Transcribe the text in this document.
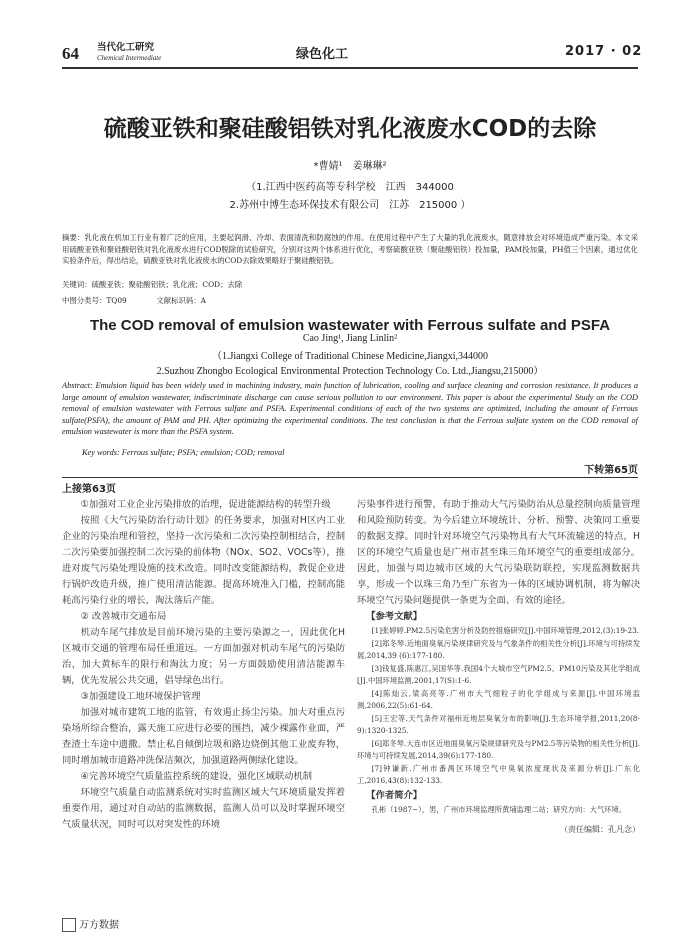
64 当代化工研究
Chemical Intermediate	绿色化工	2017 · 02
硫酸亚铁和聚硅酸铝铁对乳化液废水COD的去除
*曹婧¹　姜琳琳²
（1.江西中医药高等专科学校　江西　344000
2.苏州中博生态环保技术有限公司　江苏　215000 ）
摘要：乳化液在机加工行业有着广泛的应用，主要起润滑、冷却、表面清洗和防腐蚀的作用。在使用过程中产生了大量的乳化液废水，随意排放会对环境造成严重污染。本文采用硫酸亚铁和聚硅酸铝铁对乳化液废水进行COD脱除的试验研究，分别对这两个体系进行优化，考察硫酸亚铁（聚硅酸铝铁）投加量，PAM投加量，PH值三个因素，通过优化实验条件后，得出结论，硫酸亚铁对乳化液废水的COD去除效果略好于聚硅酸铝铁。
关键词：硫酸亚铁；聚硅酸铝铁；乳化液；COD；去除
中图分类号：TQ09　　　　文献标识码：A
The COD removal of emulsion wastewater with Ferrous sulfate and PSFA
Cao Jing¹, Jiang Linlin²
（1.Jiangxi College of Traditional Chinese Medicine,Jiangxi,344000
2.Suzhou Zhongbo Ecological Environmental Protection Technology Co. Ltd.,Jiangsu,215000）
Abstract: Emulsion liquid has been widely used in machining industry, main function of lubrication, cooling and surface cleaning and corrosion resistance. It produces a large amount of emulsion wastewater, indiscriminate discharge can cause serious pollution to our environment. This paper is about the experimental Study on the COD removal of emulsion wastewater with Ferrous sulfate and PSFA. Experimental conditions of each of the two systems are optimized, including the amount of Ferrous sulfate(PSFA), the amount of PAM and PH. After optimizing the experimental conditions. The test conclusion is that the Ferrous sulfate system on the COD removal of emulsion wastewater is more than the PSFA system.
Key words: Ferrous sulfate; PSFA; emulsion; COD; removal
下转第65页
上接第63页

①加强对工业企业污染排放的治理，促进能源结构的转型升级

按照《大气污染防治行动计划》的任务要求，加强对H区内工业企业的污染治理和管控，坚持一次污染和二次污染控制相结合，控制二次污染要加强控制二次污染的前体物（NOx、SO2、VOCs等），推进对废气污染处理设施的技术改造。同时改变能源结构，教促企业进行锅炉改造升级，推广使用清洁能源。提高环境准入门槛，控制高能耗高污染行业的增长，淘汰落后产能。

② 改善城市交通布局

机动车尾气排放是目前环境污染的主要污染源之一，因此优化H区城市交通的管理布局任重道远。一方面加强对机动车尾气的污染防治，加大黄标车的限行和淘汰力度；另一方面鼓励使用清洁能源车辆，优先发展公共交通，倡导绿色出行。

③加强建设工地环境保护管理

加强对城市建筑工地的监管，有效遏止扬尘污染。加大对重点污染场所综合整治，露天施工应进行必要的围挡，减少裸露作业面，严查渣土车途中遗撒。禁止私自倾倒垃圾和路边烧倒其他工业废弃物，同时增加城市道路冲洗保洁频次，加强道路两侧绿化建设。

④完善环境空气质量监控系统的建设，强化区域联动机制

环境空气质量自动监测系统对实时监测区域大气环境质量发挥着重要作用，通过对自动站的监测数据，监测人员可以及时掌握环境空气质量状况，同时可以对突发性的环境

污染事件进行预警，有助于推动大气污染防治从总量控制向质量管理和风险预防转变。为今后建立环境统计、分析、预警、决策同工重要的数据支撑。同时针对环境空气污染物具有大气环流输送的特点，H区的环境空气质量也是广州市甚至珠三角环境空气的重要组成部分。因此，加强与周边城市区域的大气污染联防联控，实现监测数据共享，形成一个以珠三角乃至广东省为一体的区域协调机制，将为解决环境空气污染问题提供一条更为全面、有效的途径。

【参考文献】

[1]张婷婷.PM2.5污染危害分析及防控措施研究[J].中国环境管理,2012,(3):19-23.

[2]郑冬琴.近地面臭氧污染规律研究及与气象条件的相关性分析[J].环境与可持续发展,2014,39 (6):177-180.

[3]钱复盛,陈惠江,吴国华等.我国4个大城市空气PM2.5、PM10污染及其化学组成[J].中国环境监测,2001,17(S):1-6.

[4]陈灿云,梁高亮等.广州市大气细粒子的化学组成与来源[J].中国环境监测,2006,22(5):61-64.

[5]王宏等.天气条件对福州近地层臭氧分布的影响[J].生态环境学报,2011,20(8-9):1320-1325.

[6]郑冬琴.大连市区近地面臭氧污染规律研究及与PM2.5等污染物的相关性分析[J].环境与可持续发展,2014,39(6):177-180.

[7]钟谦新.广州市番禺区环境空气中臭氧浓度现状及来源分析[J].广东化工,2016,43(8):132-133.

【作者简介】

孔彬（1987~），男，广州市环境监理所黄埔监理二站；研究方向：大气环境。

（责任编辑：孔凡念）
万方数据
